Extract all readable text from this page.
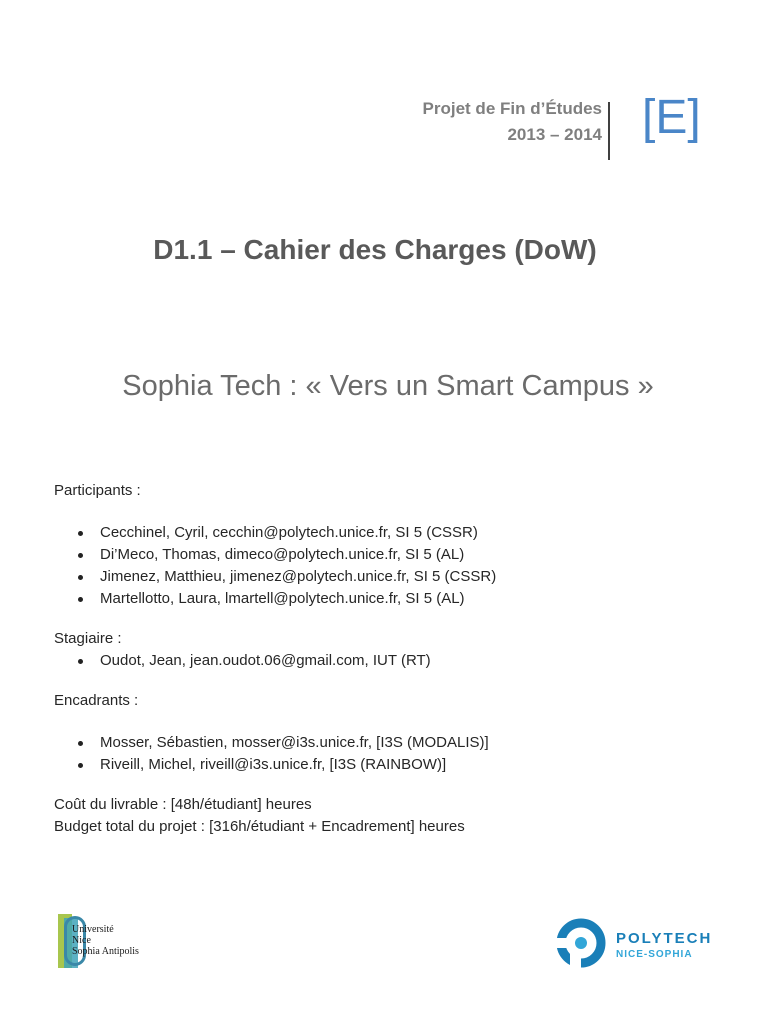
Projet de Fin d’Études
2013 – 2014 [E]
D1.1 – Cahier des Charges (DoW)
Sophia Tech : « Vers un Smart Campus »
Participants :
Cecchinel, Cyril, cecchin@polytech.unice.fr, SI 5 (CSSR)
Di’Meco, Thomas, dimeco@polytech.unice.fr, SI 5 (AL)
Jimenez, Matthieu, jimenez@polytech.unice.fr, SI 5 (CSSR)
Martellotto, Laura, lmartell@polytech.unice.fr, SI 5 (AL)
Stagiaire :
Oudot, Jean, jean.oudot.06@gmail.com, IUT (RT)
Encadrants :
Mosser, Sébastien, mosser@i3s.unice.fr, [I3S (MODALIS)]
Riveill, Michel, riveill@i3s.unice.fr, [I3S (RAINBOW)]
Coût du livrable : [48h/étudiant] heures
Budget total du projet : [316h/étudiant + Encadrement] heures
Université
Nice
Sophia Antipolis
POLYTECH
NICE-SOPHIA
